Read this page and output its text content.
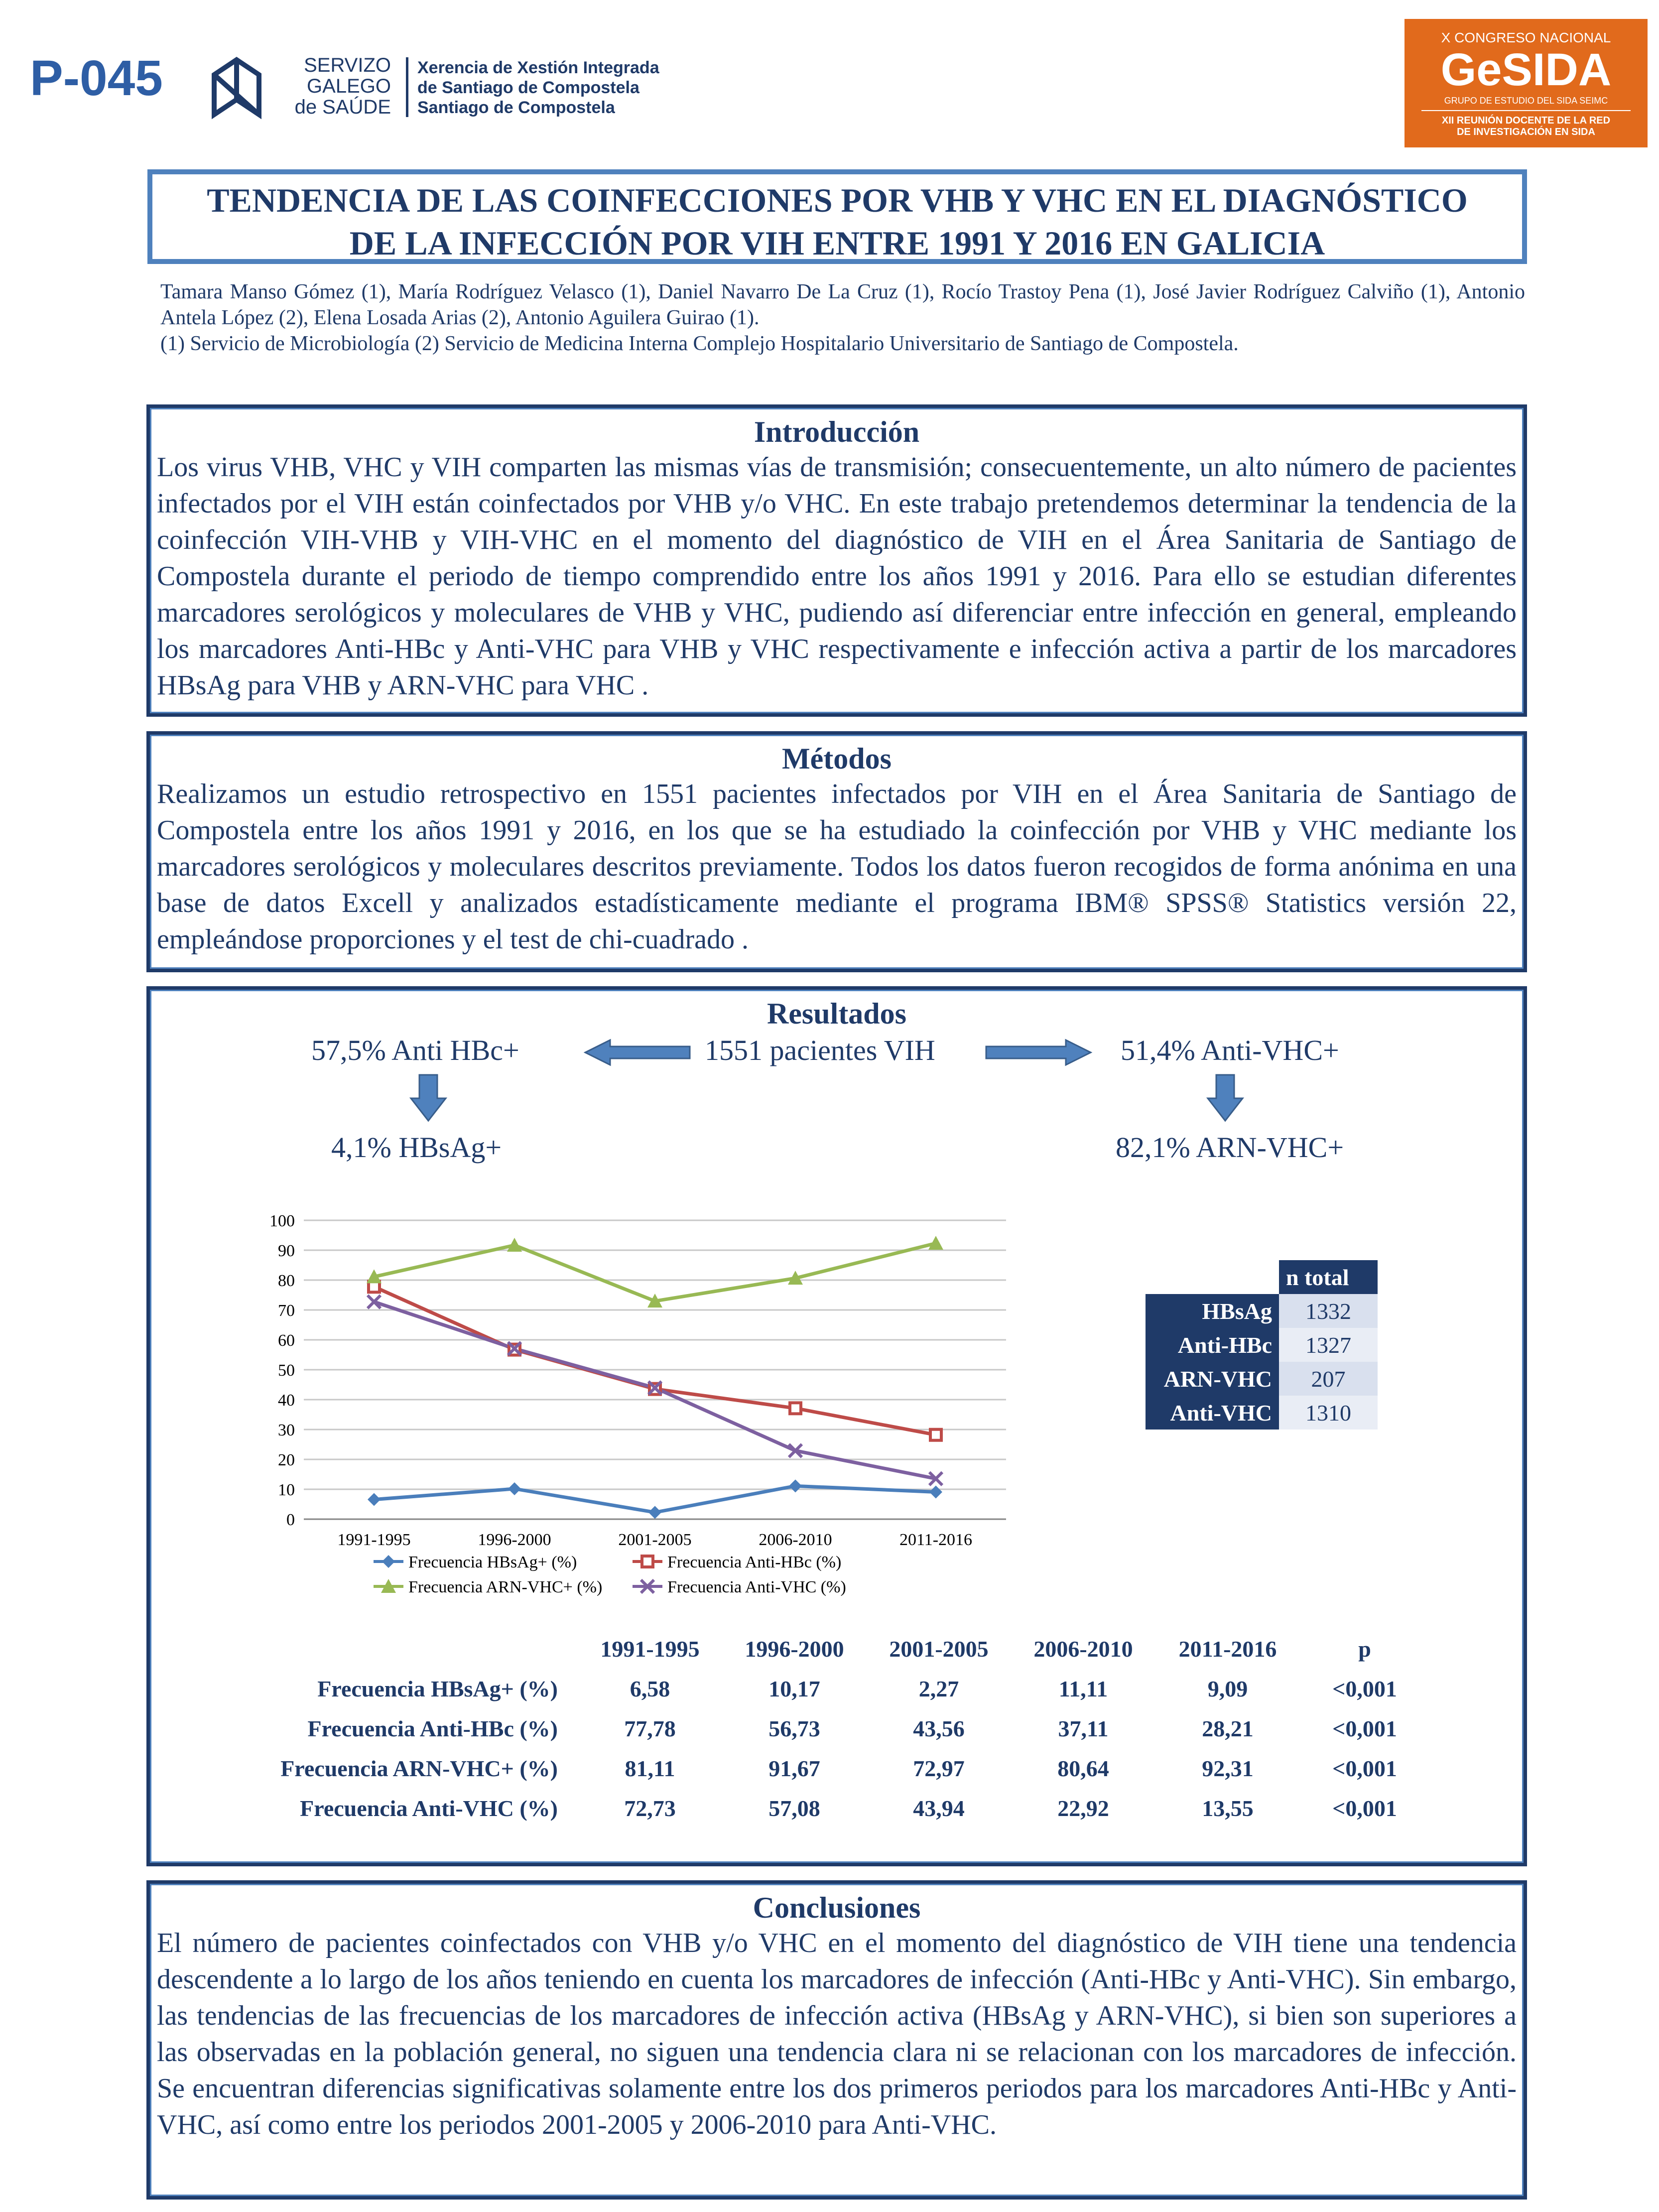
P-045	SERVIZO
GALEGO
de SAÚDE
Xerencia de Xestión Integrada
de Santiago de Compostela
Santiago de Compostela
X CONGRESO NACIONAL
GeSIDA
GRUPO DE ESTUDIO DEL SIDA SEIMC
XII REUNIÓN DOCENTE DE LA RED
DE INVESTIGACIÓN EN SIDA
TENDENCIA DE LAS COINFECCIONES POR VHB Y VHC EN EL DIAGNÓSTICO
DE LA INFECCIÓN POR VIH ENTRE 1991 Y 2016 EN GALICIA
Tamara Manso Gómez (1), María Rodríguez Velasco (1), Daniel Navarro De La Cruz (1), Rocío Trastoy Pena (1), José Javier Rodríguez Calviño (1), Antonio Antela López (2), Elena Losada Arias (2), Antonio Aguilera Guirao (1).
(1) Servicio de Microbiología (2) Servicio de Medicina Interna Complejo Hospitalario Universitario de Santiago de Compostela.
Introducción
Los virus VHB, VHC y VIH comparten las mismas vías de transmisión; consecuentemente, un alto número de pacientes infectados por el VIH están coinfectados por VHB y/o VHC. En este trabajo pretendemos determinar la tendencia de la coinfección VIH-VHB y VIH-VHC en el momento del diagnóstico de VIH en el Área Sanitaria de Santiago de Compostela durante el periodo de tiempo comprendido entre los años 1991 y 2016. Para ello se estudian diferentes marcadores serológicos y moleculares de VHB y VHC, pudiendo así diferenciar entre infección en general, empleando los marcadores Anti-HBc y Anti-VHC para VHB y VHC respectivamente e infección activa a partir de los marcadores HBsAg para VHB y ARN-VHC para VHC .
Métodos
Realizamos un estudio retrospectivo en 1551 pacientes infectados por VIH en el Área Sanitaria de Santiago de Compostela entre los años 1991 y 2016, en los que se ha estudiado la coinfección por VHB y VHC mediante los marcadores serológicos y moleculares descritos previamente. Todos los datos fueron recogidos de forma anónima en una base de datos Excell y analizados estadísticamente mediante el programa IBM® SPSS® Statistics versión 22, empleándose proporciones y el test de chi-cuadrado .
Resultados
1551 pacientes VIH
57,5% Anti HBc+
4,1% HBsAg+
51,4% Anti-VHC+
82,1% ARN-VHC+
0
10
20
30
40
50
60
70
80
90
100
1991-1995	1996-2000	2001-2005	2006-2010	2011-2016
Frecuencia HBsAg+ (%)	Frecuencia Anti-HBc (%)
Frecuencia ARN-VHC+ (%)	Frecuencia Anti-VHC (%)
	n total
HBsAg	1332
Anti-HBc	1327
ARN-VHC	207
Anti-VHC	1310
	1991-1995	1996-2000	2001-2005	2006-2010	2011-2016	p
Frecuencia HBsAg+ (%)	6,58	10,17	2,27	11,11	9,09	<0,001
Frecuencia Anti-HBc (%)	77,78	56,73	43,56	37,11	28,21	<0,001
Frecuencia ARN-VHC+ (%)	81,11	91,67	72,97	80,64	92,31	<0,001
Frecuencia Anti-VHC (%)	72,73	57,08	43,94	22,92	13,55	<0,001
Conclusiones
El número de pacientes coinfectados con VHB y/o VHC en el momento del diagnóstico de VIH tiene una tendencia descendente a lo largo de los años teniendo en cuenta los marcadores de infección (Anti-HBc y Anti-VHC). Sin embargo, las tendencias de las frecuencias de los marcadores de infección activa (HBsAg y ARN-VHC), si bien son superiores a las observadas en la población general, no siguen una tendencia clara ni se relacionan con los marcadores de infección. Se encuentran diferencias significativas solamente entre los dos primeros periodos para los marcadores Anti-HBc y Anti-VHC, así como entre los periodos 2001-2005 y 2006-2010 para Anti-VHC.
